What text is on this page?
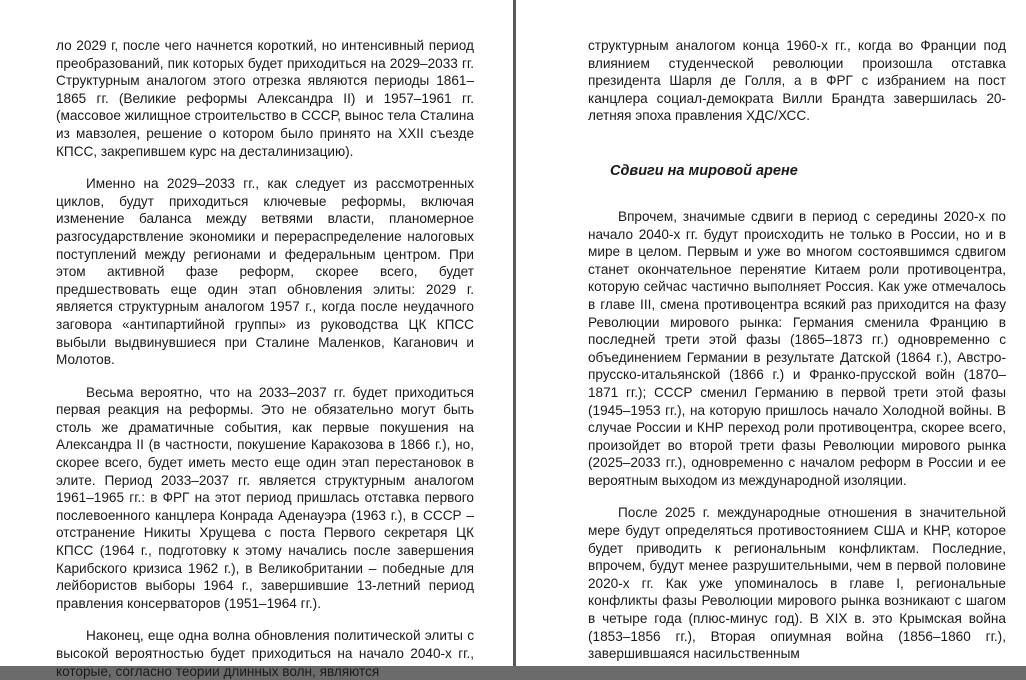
ло 2029 г, после чего начнется короткий, но интенсивный период преобразований, пик которых будет приходиться на 2029–2033 гг. Структурным аналогом этого отрезка являются периоды 1861–1865 гг. (Великие реформы Александра II) и 1957–1961 гг. (массовое жилищное строительство в СССР, вынос тела Сталина из мавзолея, решение о котором было принято на XXII съезде КПСС, закрепившем курс на десталинизацию).
Именно на 2029–2033 гг., как следует из рассмотренных циклов, будут приходиться ключевые реформы, включая изменение баланса между ветвями власти, планомерное разгосударствление экономики и перераспределение налоговых поступлений между регионами и федеральным центром. При этом активной фазе реформ, скорее всего, будет предшествовать еще один этап обновления элиты: 2029 г. является структурным аналогом 1957 г., когда после неудачного заговора «антипартийной группы» из руководства ЦК КПСС выбыли выдвинувшиеся при Сталине Маленков, Каганович и Молотов.
Весьма вероятно, что на 2033–2037 гг. будет приходиться первая реакция на реформы. Это не обязательно могут быть столь же драматичные события, как первые покушения на Александра II (в частности, покушение Каракозова в 1866 г.), но, скорее всего, будет иметь место еще один этап перестановок в элите. Период 2033–2037 гг. является структурным аналогом 1961–1965 гг.: в ФРГ на этот период пришлась отставка первого послевоенного канцлера Конрада Аденауэра (1963 г.), в СССР – отстранение Никиты Хрущева с поста Первого секретаря ЦК КПСС (1964 г., подготовку к этому начались после завершения Карибского кризиса 1962 г.), в Великобритании – победные для лейбористов выборы 1964 г., завершившие 13-летний период правления консерваторов (1951–1964 гг.).
Наконец, еще одна волна обновления политической элиты с высокой вероятностью будет приходиться на начало 2040-х гг., которые, согласно теории длинных волн, являются
структурным аналогом конца 1960-х гг., когда во Франции под влиянием студенческой революции произошла отставка президента Шарля де Голля, а в ФРГ с избранием на пост канцлера социал-демократа Вилли Брандта завершилась 20-летняя эпоха правления ХДС/ХСС.
Сдвиги на мировой арене
Впрочем, значимые сдвиги в период с середины 2020-х по начало 2040-х гг. будут происходить не только в России, но и в мире в целом. Первым и уже во многом состоявшимся сдвигом станет окончательное перенятие Китаем роли противоцентра, которую сейчас частично выполняет Россия. Как уже отмечалось в главе III, смена противоцентра всякий раз приходится на фазу Революции мирового рынка: Германия сменила Францию в последней трети этой фазы (1865–1873 гг.) одновременно с объединением Германии в результате Датской (1864 г.), Австро-прусско-итальянской (1866 г.) и Франко-прусской войн (1870–1871 гг.); СССР сменил Германию в первой трети этой фазы (1945–1953 гг.), на которую пришлось начало Холодной войны. В случае России и КНР переход роли противоцентра, скорее всего, произойдет во второй трети фазы Революции мирового рынка (2025–2033 гг.), одновременно с началом реформ в России и ее вероятным выходом из международной изоляции.
После 2025 г. международные отношения в значительной мере будут определяться противостоянием США и КНР, которое будет приводить к региональным конфликтам. Последние, впрочем, будут менее разрушительными, чем в первой половине 2020-х гг. Как уже упоминалось в главе I, региональные конфликты фазы Революции мирового рынка возникают с шагом в четыре года (плюс-минус год). В XIX в. это Крымская война (1853–1856 гг.), Вторая опиумная война (1856–1860 гг.), завершившаяся насильственным
